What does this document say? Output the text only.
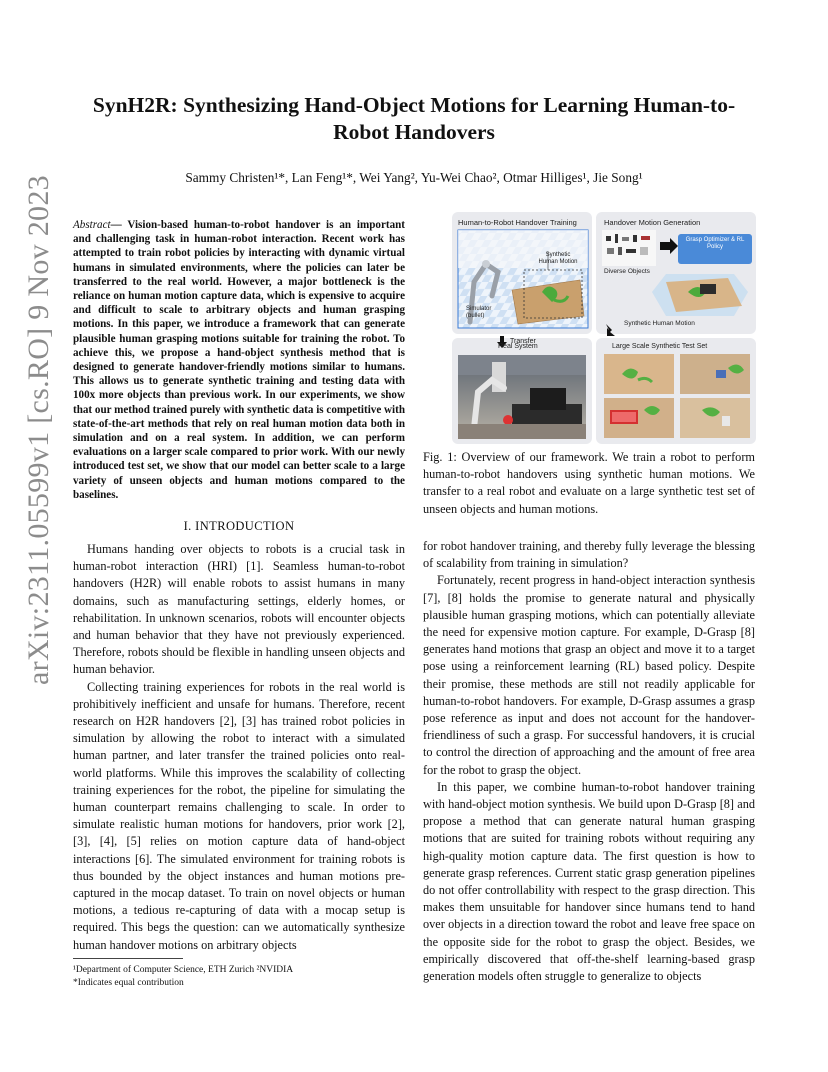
arXiv:2311.05599v1 [cs.RO] 9 Nov 2023
SynH2R: Synthesizing Hand-Object Motions for Learning Human-to-Robot Handovers
Sammy Christen¹*, Lan Feng¹*, Wei Yang², Yu-Wei Chao², Otmar Hilliges¹, Jie Song¹
Abstract— Vision-based human-to-robot handover is an important and challenging task in human-robot interaction. Recent work has attempted to train robot policies by interacting with dynamic virtual humans in simulated environments, where the policies can later be transferred to the real world. However, a major bottleneck is the reliance on human motion capture data, which is expensive to acquire and difficult to scale to arbitrary objects and human grasping motions. In this paper, we introduce a framework that can generate plausible human grasping motions suitable for training the robot. To achieve this, we propose a hand-object synthesis method that is designed to generate handover-friendly motions similar to humans. This allows us to generate synthetic training and testing data with 100x more objects than previous work. In our experiments, we show that our method trained purely with synthetic data is competitive with state-of-the-art methods that rely on real human motion data both in simulation and on a real system. In addition, we can perform evaluations on a larger scale compared to prior work. With our newly introduced test set, we show that our model can better scale to a large variety of unseen objects and human motions compared to the baselines.
I. INTRODUCTION

Humans handing over objects to robots is a crucial task in human-robot interaction (HRI) [1]. Seamless human-to-robot handovers (H2R) will enable robots to assist humans in many domains, such as manufacturing settings, elderly homes, or rehabilitation. In unknown scenarios, robots will encounter objects and human behavior that they have not previously experienced. Therefore, robots should be flexible in handling unseen objects and human behavior.

Collecting training experiences for robots in the real world is prohibitively inefficient and unsafe for humans. Therefore, recent research on H2R handovers [2], [3] has trained robot policies in simulation by allowing the robot to interact with a simulated human partner, and later transfer the trained policies onto real-world platforms. While this improves the scalability of collecting training experiences for the robot, the pipeline for simulating the human counterpart remains challenging to scale. In order to simulate realistic human motions for handovers, prior work [2], [3], [4], [5] relies on motion capture data of hand-object interactions [6]. The simulated environment for training robots is thus bounded by the object instances and human motions pre-captured in the mocap dataset. To train on novel objects or human motions, a tedious re-capturing of data with a mocap setup is required. This begs the question: can we automatically synthesize human handover motions on arbitrary objects

¹Department of Computer Science, ETH Zurich ²NVIDIA
*Indicates equal contribution
Human-to-Robot Handover Training	Handover Motion Generation
Synthetic Human Motion
Grasp Optimizer & RL Policy
Diverse Objects
Synthetic Human Motion
Simulator (bullet)
Transfer
Real System	Large Scale Synthetic Test Set
Fig. 1: Overview of our framework. We train a robot to perform human-to-robot handovers using synthetic human motions. We transfer to a real robot and evaluate on a large synthetic test set of unseen objects and human motions.

for robot handover training, and thereby fully leverage the blessing of scalability from training in simulation?

Fortunately, recent progress in hand-object interaction synthesis [7], [8] holds the promise to generate natural and physically plausible human grasping motions, which can potentially alleviate the need for expensive motion capture. For example, D-Grasp [8] generates hand motions that grasp an object and move it to a target pose using a reinforcement learning (RL) based policy. Despite their promise, these methods are still not readily applicable for human-to-robot handovers. For example, D-Grasp assumes a grasp pose reference as input and does not account for the handover-friendliness of such a grasp. For successful handovers, it is crucial to control the direction of approaching and the amount of free area for the robot to grasp the object.

In this paper, we combine human-to-robot handover training with hand-object motion synthesis. We build upon D-Grasp [8] and propose a method that can generate natural human grasping motions that are suited for training robots without requiring any high-quality motion capture data. The first question is how to generate grasp references. Current static grasp generation pipelines do not offer controllability with respect to the grasp direction. This makes them unsuitable for handover since humans tend to hand over objects in a direction toward the robot and leave free space on the opposite side for the robot to grasp the object. Besides, we empirically discovered that off-the-shelf learning-based grasp generation models often struggle to generalize to objects
